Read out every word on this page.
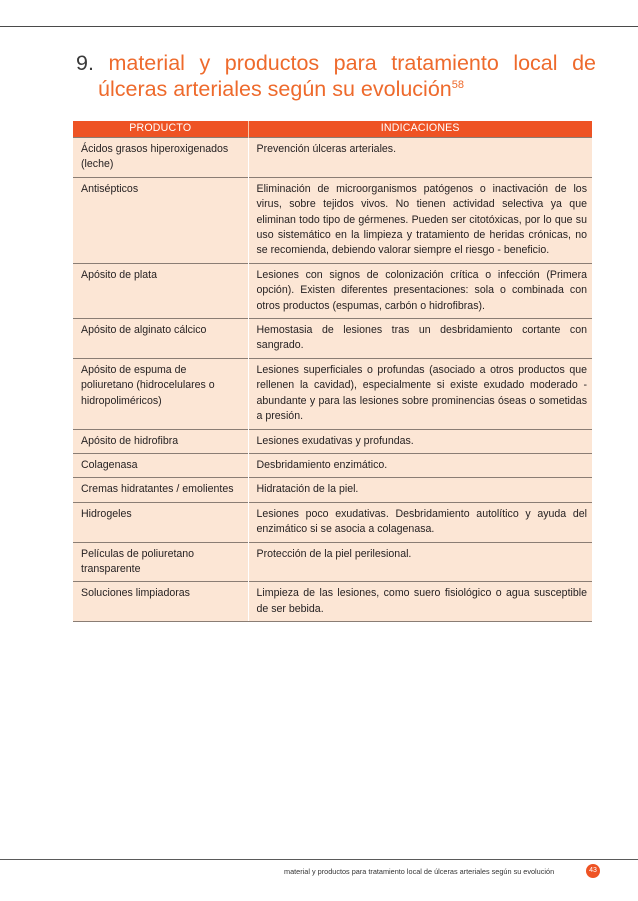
9. material y productos para tratamiento local de
úlceras arteriales según su evolución$^{58}$
PRODUCTO	INDICACIONES
Ácidos grasos hiperoxigenados (leche)	Prevención úlceras arteriales.
Antisépticos	Eliminación de microorganismos patógenos o inactivación de los virus, sobre tejidos vivos. No tienen actividad selectiva ya que eliminan todo tipo de gérmenes. Pueden ser citotóxicas, por lo que su uso sistemático en la limpieza y tratamiento de heridas crónicas, no se recomienda, debiendo valorar siempre el riesgo - beneficio.
Apósito de plata	Lesiones con signos de colonización crítica o infección (Primera opción). Existen diferentes presentaciones: sola o combinada con otros productos (espumas, carbón o hidrofibras).
Apósito de alginato cálcico	Hemostasia de lesiones tras un desbridamiento cortante con sangrado.
Apósito de espuma de poliuretano (hidrocelulares o hidropoliméricos)	Lesiones superficiales o profundas (asociado a otros productos que rellenen la cavidad), especialmente si existe exudado moderado - abundante y para las lesiones sobre prominencias óseas o sometidas a presión.
Apósito de hidrofibra	Lesiones exudativas y profundas.
Colagenasa	Desbridamiento enzimático.
Cremas hidratantes / emolientes	Hidratación de la piel.
Hidrogeles	Lesiones poco exudativas. Desbridamiento autolítico y ayuda del enzimático si se asocia a colagenasa.
Películas de poliuretano transparente	Protección de la piel perilesional.
Soluciones limpiadoras	Limpieza de las lesiones, como suero fisiológico o agua susceptible de ser bebida.
material y productos para tratamiento local de úlceras arteriales según su evolución	43
